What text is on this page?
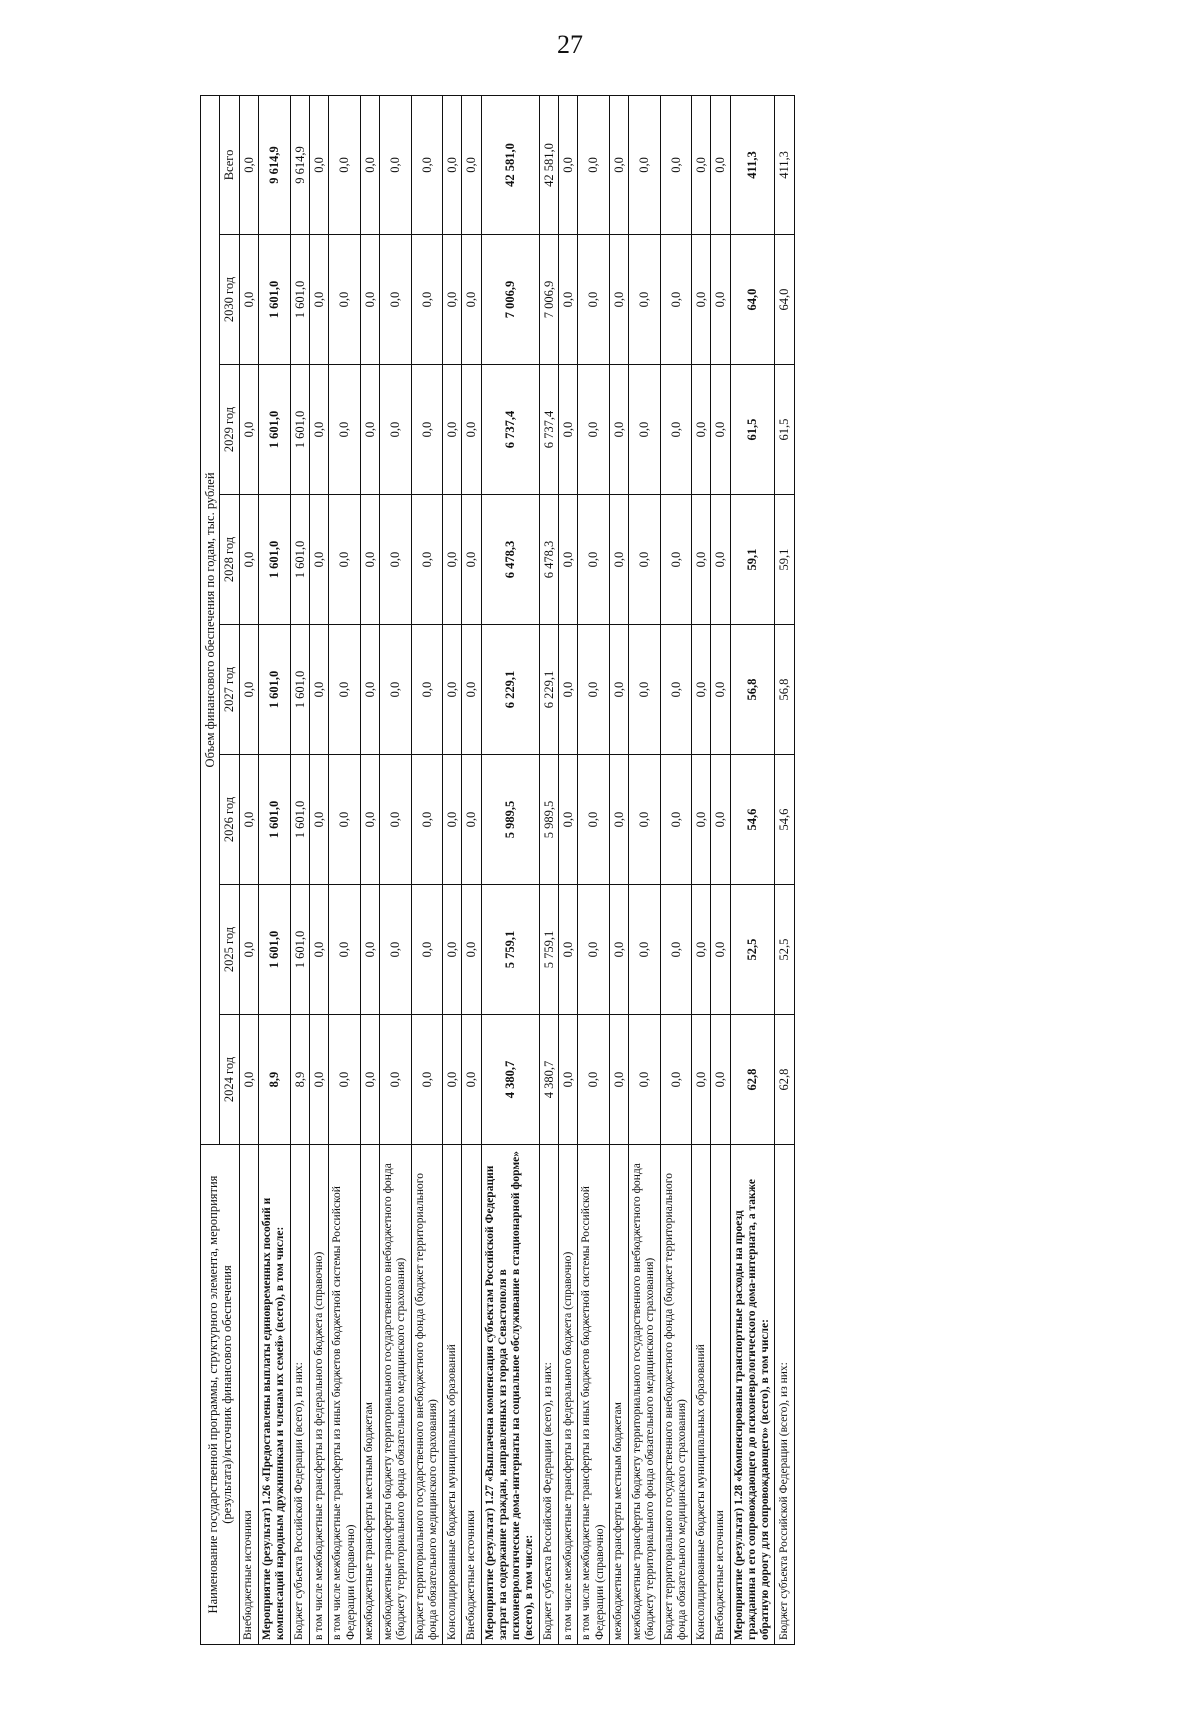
27
Наименование государственной программы, структурного элемента, мероприятия (результата)/источник финансового обеспечения	Объем финансового обеспечения по годам, тыс. рублей							
	2024 год	2025 год	2026 год	2027 год	2028 год	2029 год	2030 год	Всего
Внебюджетные источники	0,0	0,0	0,0	0,0	0,0	0,0	0,0	0,0
Мероприятие (результат) 1.26 «Предоставлены выплаты единовременных пособий и компенсаций народным дружинникам и членам их семей» (всего), в том числе:	8,9	1 601,0	1 601,0	1 601,0	1 601,0	1 601,0	1 601,0	9 614,9
Бюджет субъекта Российской Федерации (всего), из них:	8,9	1 601,0	1 601,0	1 601,0	1 601,0	1 601,0	1 601,0	9 614,9
в том числе межбюджетные трансферты из федерального бюджета (справочно)	0,0	0,0	0,0	0,0	0,0	0,0	0,0	0,0
в том числе межбюджетные трансферты из иных бюджетов бюджетной системы Российской Федерации (справочно)	0,0	0,0	0,0	0,0	0,0	0,0	0,0	0,0
межбюджетные трансферты местным бюджетам	0,0	0,0	0,0	0,0	0,0	0,0	0,0	0,0
межбюджетные трансферты бюджету территориального государственного внебюджетного фонда (бюджету территориального фонда обязательного медицинского страхования)	0,0	0,0	0,0	0,0	0,0	0,0	0,0	0,0
Бюджет территориального государственного внебюджетного фонда (бюджет территориального фонда обязательного медицинского страхования)	0,0	0,0	0,0	0,0	0,0	0,0	0,0	0,0
Консолидированные бюджеты муниципальных образований	0,0	0,0	0,0	0,0	0,0	0,0	0,0	0,0
Внебюджетные источники	0,0	0,0	0,0	0,0	0,0	0,0	0,0	0,0
Мероприятие (результат) 1.27 «Выплачена компенсация субъектам Российской Федерации затрат на содержание граждан, направленных из города Севастополя в психоневрологические дома-интернаты на социальное обслуживание в стационарной форме» (всего), в том числе:	4 380,7	5 759,1	5 989,5	6 229,1	6 478,3	6 737,4	7 006,9	42 581,0
Бюджет субъекта Российской Федерации (всего), из них:	4 380,7	5 759,1	5 989,5	6 229,1	6 478,3	6 737,4	7 006,9	42 581,0
в том числе межбюджетные трансферты из федерального бюджета (справочно)	0,0	0,0	0,0	0,0	0,0	0,0	0,0	0,0
в том числе межбюджетные трансферты из иных бюджетов бюджетной системы Российской Федерации (справочно)	0,0	0,0	0,0	0,0	0,0	0,0	0,0	0,0
межбюджетные трансферты местным бюджетам	0,0	0,0	0,0	0,0	0,0	0,0	0,0	0,0
межбюджетные трансферты бюджету территориального государственного внебюджетного фонда (бюджету территориального фонда обязательного медицинского страхования)	0,0	0,0	0,0	0,0	0,0	0,0	0,0	0,0
Бюджет территориального государственного внебюджетного фонда (бюджет территориального фонда обязательного медицинского страхования)	0,0	0,0	0,0	0,0	0,0	0,0	0,0	0,0
Консолидированные бюджеты муниципальных образований	0,0	0,0	0,0	0,0	0,0	0,0	0,0	0,0
Внебюджетные источники	0,0	0,0	0,0	0,0	0,0	0,0	0,0	0,0
Мероприятие (результат) 1.28 «Компенсированы транспортные расходы на проезд гражданина и его сопровождающего до психоневрологического дома-интерната, а также обратную дорогу для сопровождающего» (всего), в том числе:	62,8	52,5	54,6	56,8	59,1	61,5	64,0	411,3
Бюджет субъекта Российской Федерации (всего), из них:	62,8	52,5	54,6	56,8	59,1	61,5	64,0	411,3
